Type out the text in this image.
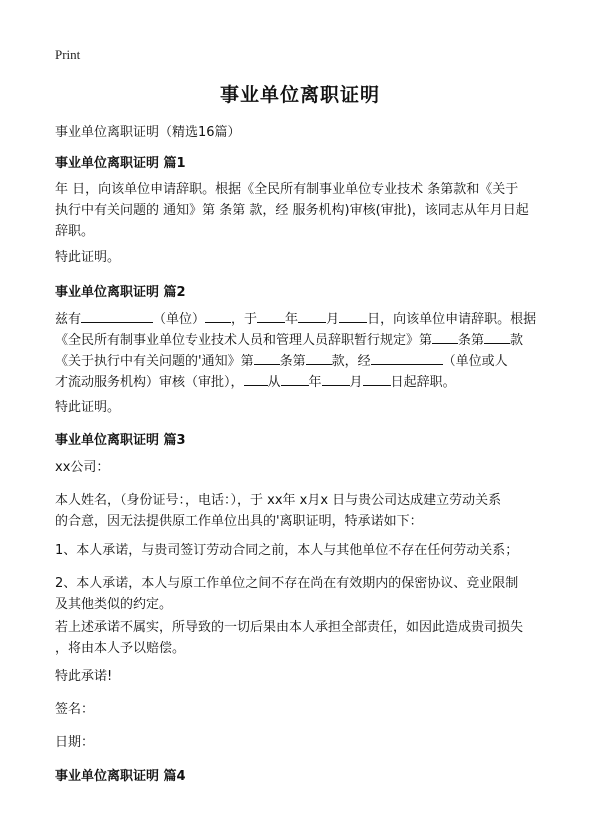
Print
事业单位离职证明
事业单位离职证明（精选16篇）
事业单位离职证明 篇1
年 日，向该单位申请辞职。根据《全民所有制事业单位专业技术 条第款和《关于
执行中有关问题的 通知》第 条第 款，经 服务机构)审核(审批)，该同志从年月日起
辞职。
特此证明。
事业单位离职证明 篇2
兹有	（单位） ，于 年 月 日，向该单位申请辞职。根据
《全民所有制事业单位专业技术人员和管理人员辞职暂行规定》第 条第 款
《关于执行中有关问题的'通知》第 条第 款，经	（单位或人
才流动服务机构）审核（审批）， 从 年 月 日起辞职。
特此证明。
事业单位离职证明 篇3
xx公司：
本人姓名，（身份证号：，电话：），于 xx年 x月x 日与贵公司达成建立劳动关系
的合意，因无法提供原工作单位出具的'离职证明，特承诺如下：
1、本人承诺，与贵司签订劳动合同之前，本人与其他单位不存在任何劳动关系；
2、本人承诺，本人与原工作单位之间不存在尚在有效期内的保密协议、竞业限制
及其他类似的约定。
若上述承诺不属实，所导致的一切后果由本人承担全部责任，如因此造成贵司损失
，将由本人予以赔偿。
特此承诺!
签名：
日期：
事业单位离职证明 篇4
